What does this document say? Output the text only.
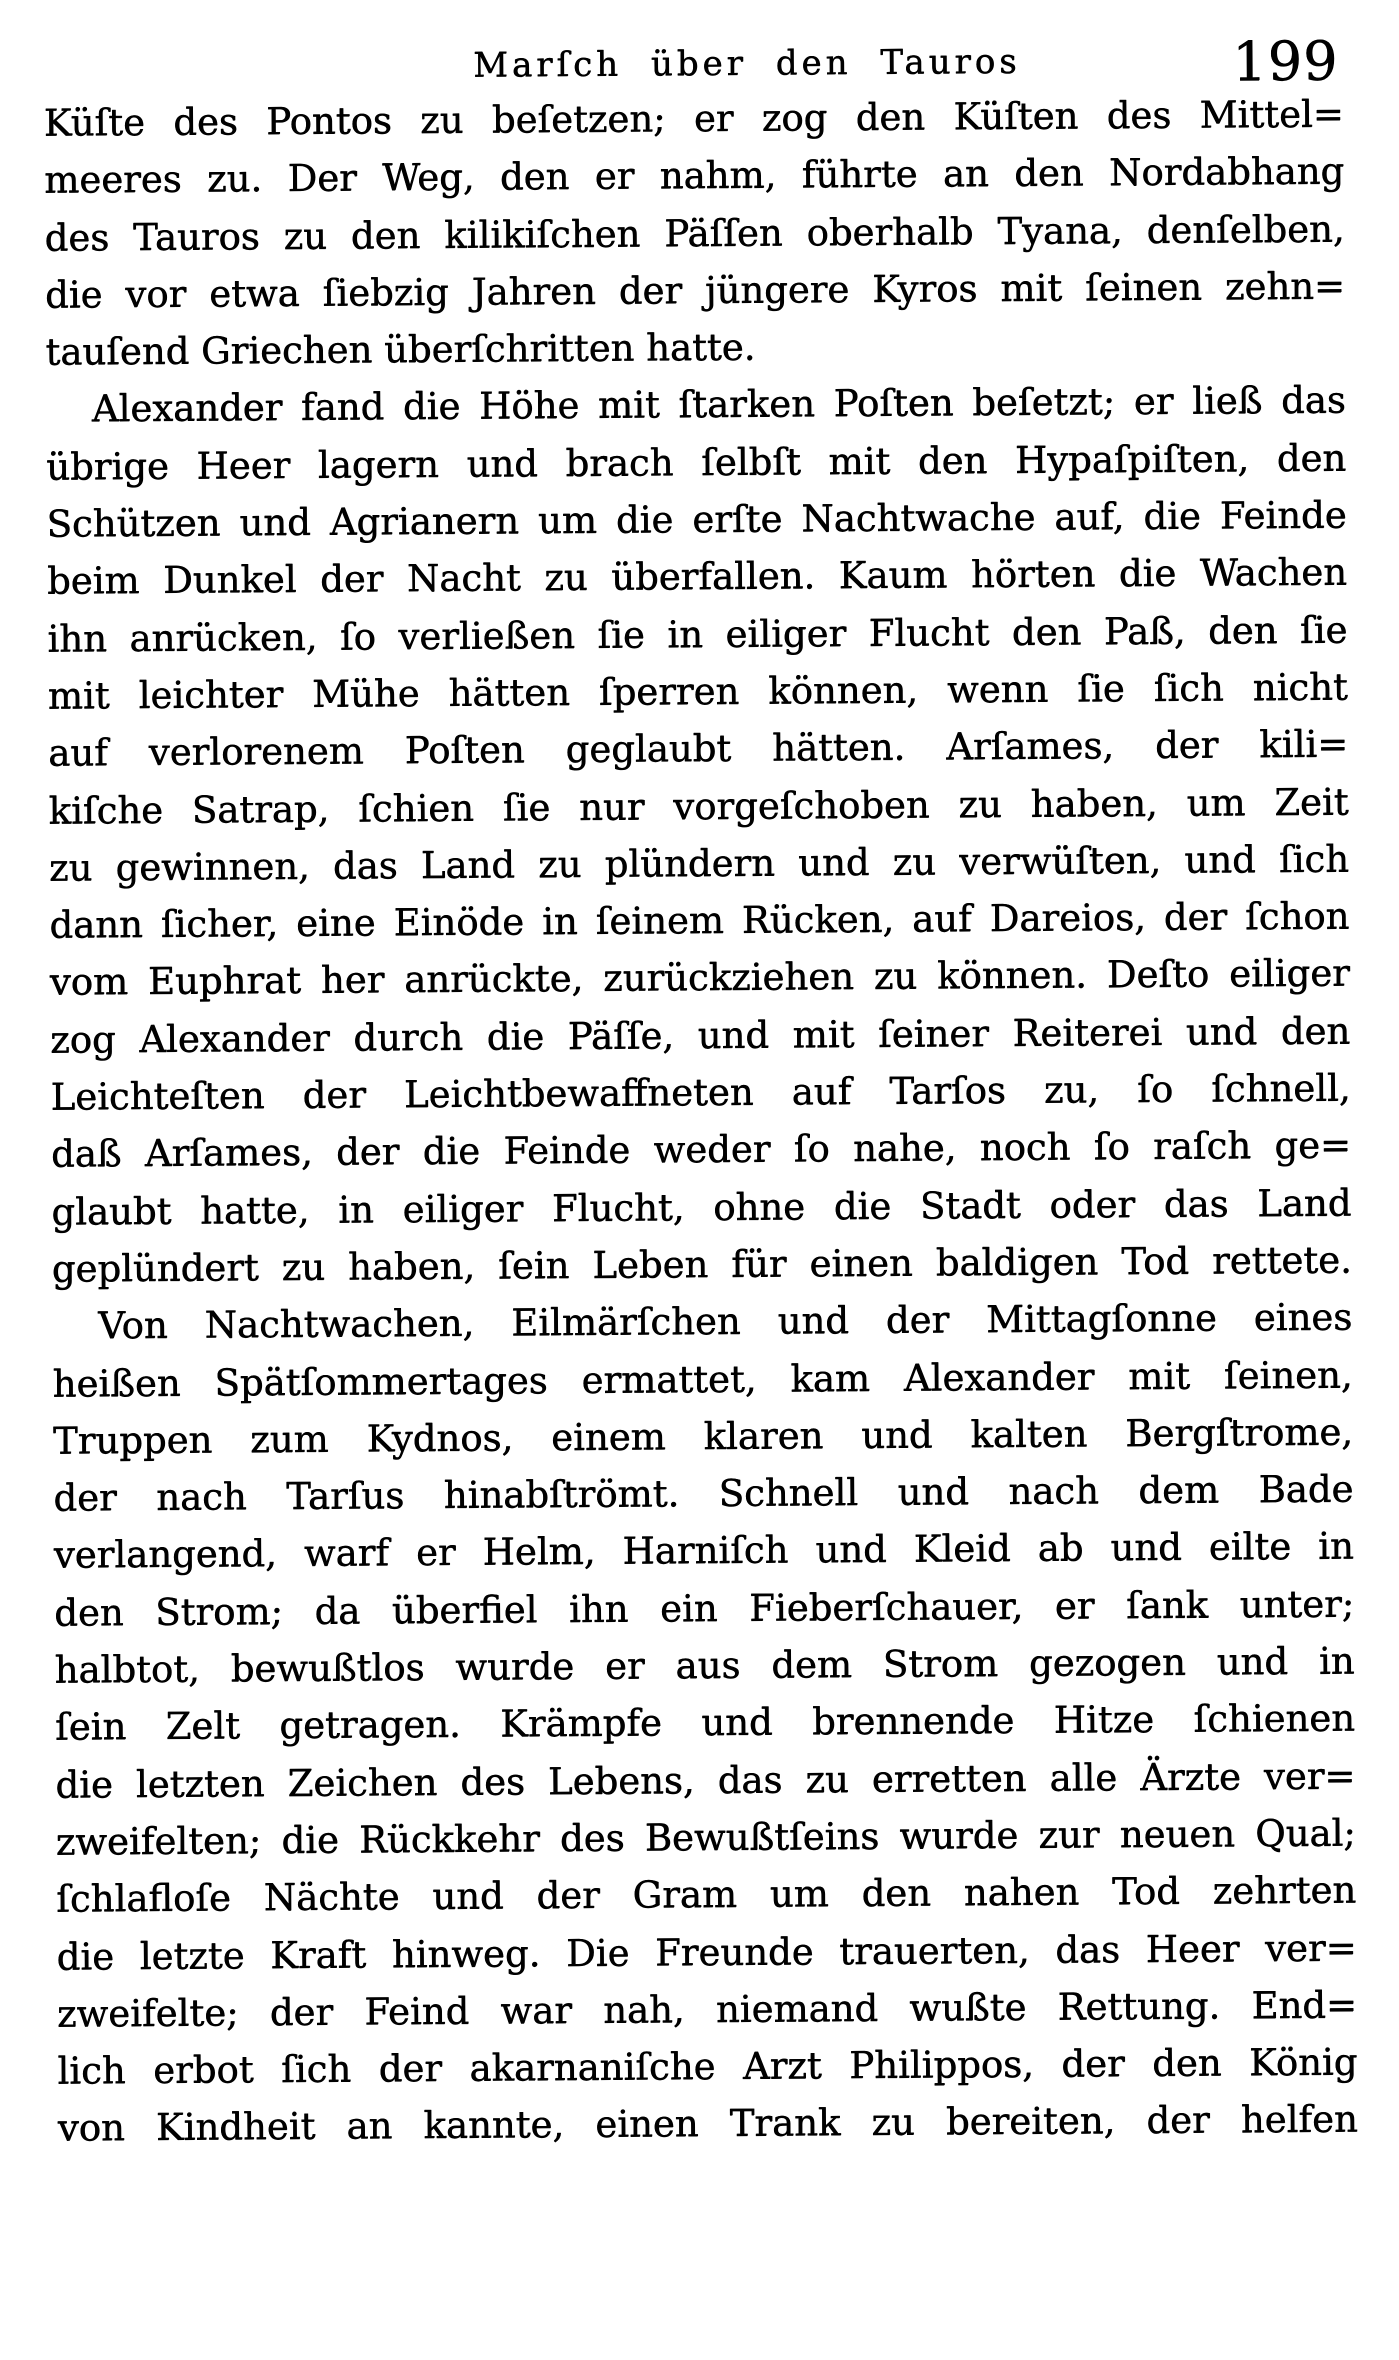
Marſch über den Tauros	199
Küſte des Pontos zu beſetzen; er zog den Küſten des Mittel=
meeres zu. Der Weg, den er nahm, führte an den Nordabhang
des Tauros zu den kilikiſchen Päſſen oberhalb Tyana, denſelben,
die vor etwa ſiebzig Jahren der jüngere Kyros mit ſeinen zehn=
tauſend Griechen überſchritten hatte.
Alexander fand die Höhe mit ſtarken Poſten beſetzt; er ließ das
übrige Heer lagern und brach ſelbſt mit den Hypaſpiſten, den
Schützen und Agrianern um die erſte Nachtwache auf, die Feinde
beim Dunkel der Nacht zu überfallen. Kaum hörten die Wachen
ihn anrücken, ſo verließen ſie in eiliger Flucht den Paß, den ſie
mit leichter Mühe hätten ſperren können, wenn ſie ſich nicht
auf verlorenem Poſten geglaubt hätten. Arſames, der kili=
kiſche Satrap, ſchien ſie nur vorgeſchoben zu haben, um Zeit
zu gewinnen, das Land zu plündern und zu verwüſten, und ſich
dann ſicher, eine Einöde in ſeinem Rücken, auf Dareios, der ſchon
vom Euphrat her anrückte, zurückziehen zu können. Deſto eiliger
zog Alexander durch die Päſſe, und mit ſeiner Reiterei und den
Leichteſten der Leichtbewaffneten auf Tarſos zu, ſo ſchnell,
daß Arſames, der die Feinde weder ſo nahe, noch ſo raſch ge=
glaubt hatte, in eiliger Flucht, ohne die Stadt oder das Land
geplündert zu haben, ſein Leben für einen baldigen Tod rettete.
Von Nachtwachen, Eilmärſchen und der Mittagſonne eines
heißen Spätſommertages ermattet, kam Alexander mit ſeinen,
Truppen zum Kydnos, einem klaren und kalten Bergſtrome,
der nach Tarſus hinabſtrömt. Schnell und nach dem Bade
verlangend, warf er Helm, Harniſch und Kleid ab und eilte in
den Strom; da überfiel ihn ein Fieberſchauer, er ſank unter;
halbtot, bewußtlos wurde er aus dem Strom gezogen und in
ſein Zelt getragen. Krämpfe und brennende Hitze ſchienen
die letzten Zeichen des Lebens, das zu erretten alle Ärzte ver=
zweifelten; die Rückkehr des Bewußtſeins wurde zur neuen Qual;
ſchlafloſe Nächte und der Gram um den nahen Tod zehrten
die letzte Kraft hinweg. Die Freunde trauerten, das Heer ver=
zweifelte; der Feind war nah, niemand wußte Rettung. End=
lich erbot ſich der akarnaniſche Arzt Philippos, der den König
von Kindheit an kannte, einen Trank zu bereiten, der helfen
